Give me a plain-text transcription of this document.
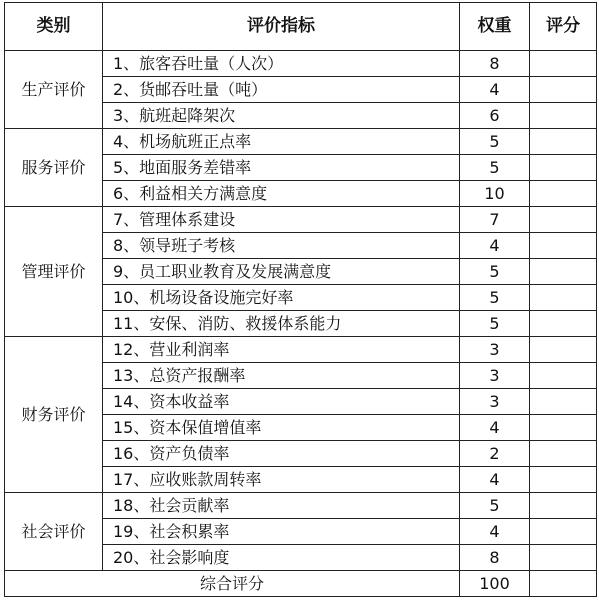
类别	评价指标	权重	评分
生产评价	1、旅客吞吐量（人次）	8	
	2、货邮吞吐量（吨）	4	
	3、航班起降架次	6	
服务评价	4、机场航班正点率	5	
	5、地面服务差错率	5	
	6、利益相关方满意度	10	
管理评价	7、管理体系建设	7	
	8、领导班子考核	4	
	9、员工职业教育及发展满意度	5	
	10、机场设备设施完好率	5	
	11、安保、消防、救援体系能力	5	
财务评价	12、营业利润率	3	
	13、总资产报酬率	3	
	14、资本收益率	3	
	15、资本保值增值率	4	
	16、资产负债率	2	
	17、应收账款周转率	4	
社会评价	18、社会贡献率	5	
	19、社会积累率	4	
	20、社会影响度	8	
综合评分		100	
